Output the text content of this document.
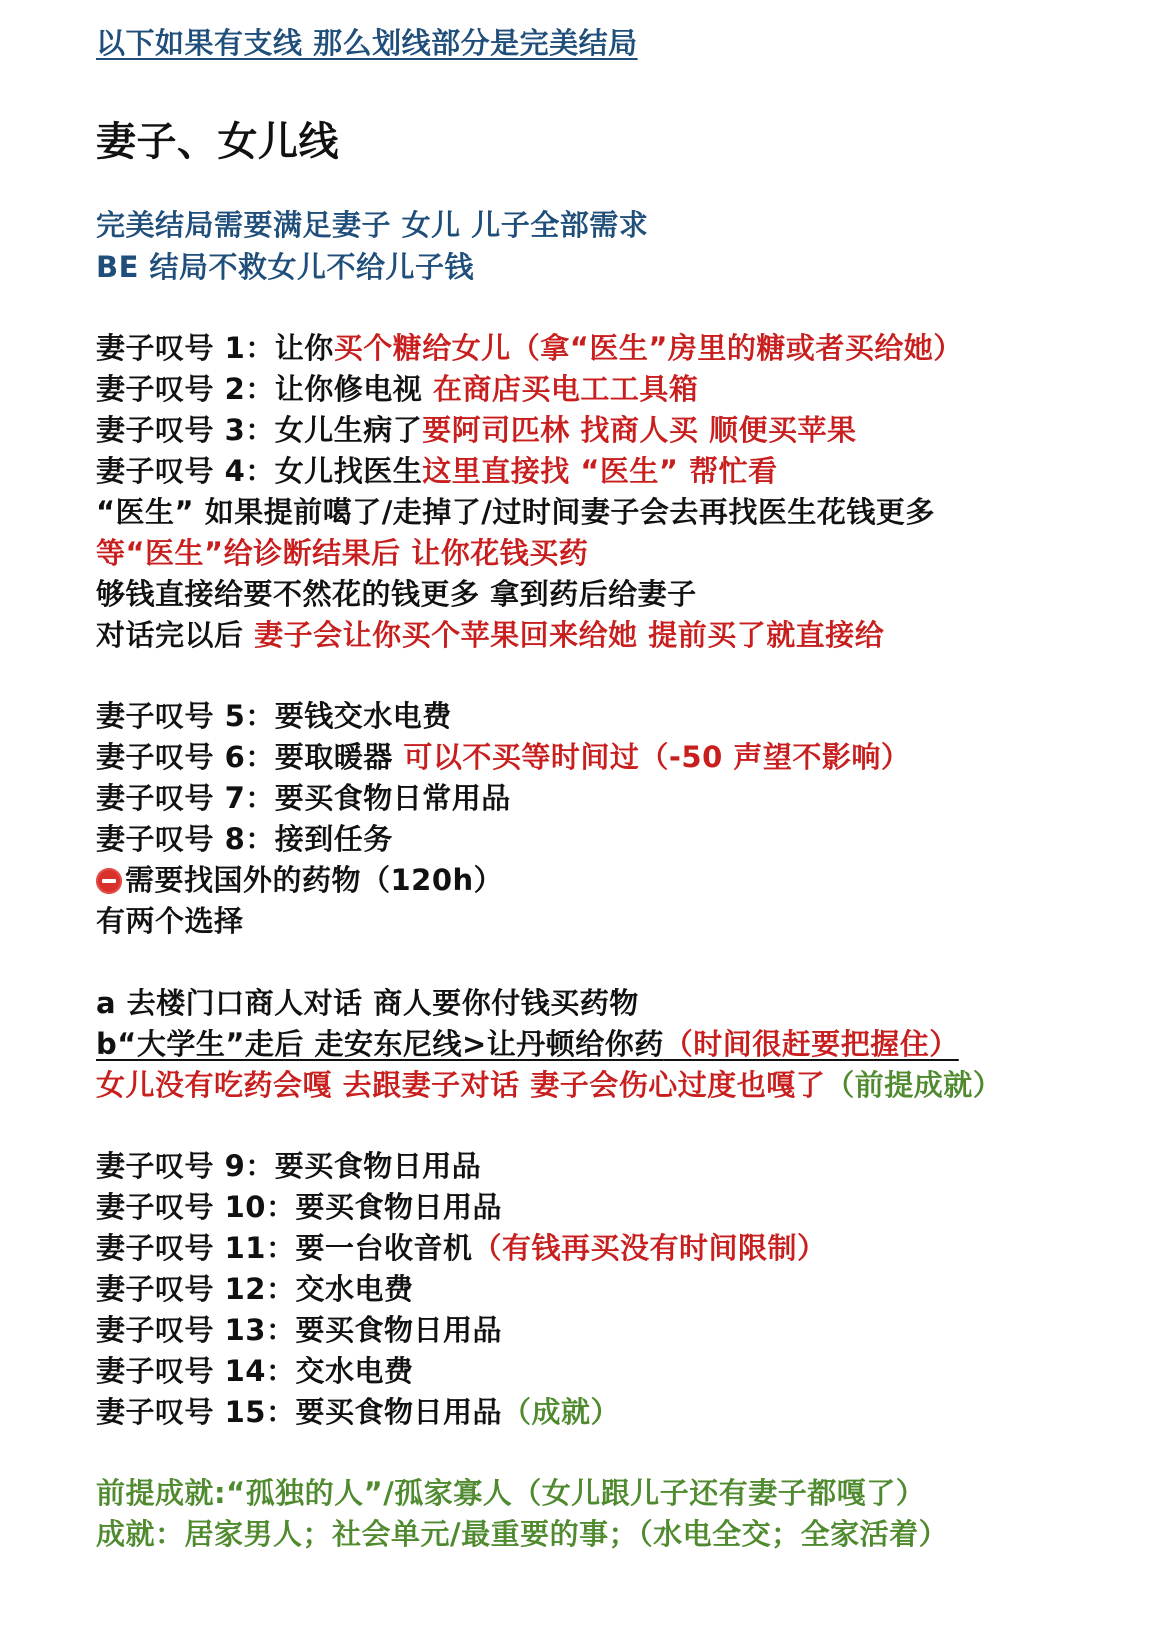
以下如果有支线 那么划线部分是完美结局
妻子、女儿线
完美结局需要满足妻子 女儿 儿子全部需求
BE 结局不救女儿不给儿子钱
妻子叹号 1：让你买个糖给女儿（拿“医生”房里的糖或者买给她）
妻子叹号 2：让你修电视 在商店买电工工具箱
妻子叹号 3：女儿生病了要阿司匹林 找商人买 顺便买苹果
妻子叹号 4：女儿找医生这里直接找 “医生” 帮忙看
“医生” 如果提前噶了/走掉了/过时间妻子会去再找医生花钱更多
等“医生”给诊断结果后 让你花钱买药
够钱直接给要不然花的钱更多 拿到药后给妻子
对话完以后 妻子会让你买个苹果回来给她 提前买了就直接给
妻子叹号 5：要钱交水电费
妻子叹号 6：要取暖器 可以不买等时间过（-50 声望不影响）
妻子叹号 7：要买食物日常用品
妻子叹号 8：接到任务
需要找国外的药物（120h）
有两个选择
a 去楼门口商人对话 商人要你付钱买药物
b“大学生”走后 走安东尼线>让丹顿给你药（时间很赶要把握住）
女儿没有吃药会嘎 去跟妻子对话 妻子会伤心过度也嘎了（前提成就）
妻子叹号 9：要买食物日用品
妻子叹号 10：要买食物日用品
妻子叹号 11：要一台收音机（有钱再买没有时间限制）
妻子叹号 12：交水电费
妻子叹号 13：要买食物日用品
妻子叹号 14：交水电费
妻子叹号 15：要买食物日用品（成就）
前提成就:“孤独的人”/孤家寡人（女儿跟儿子还有妻子都嘎了）
成就：居家男人；社会单元/最重要的事；（水电全交；全家活着）
